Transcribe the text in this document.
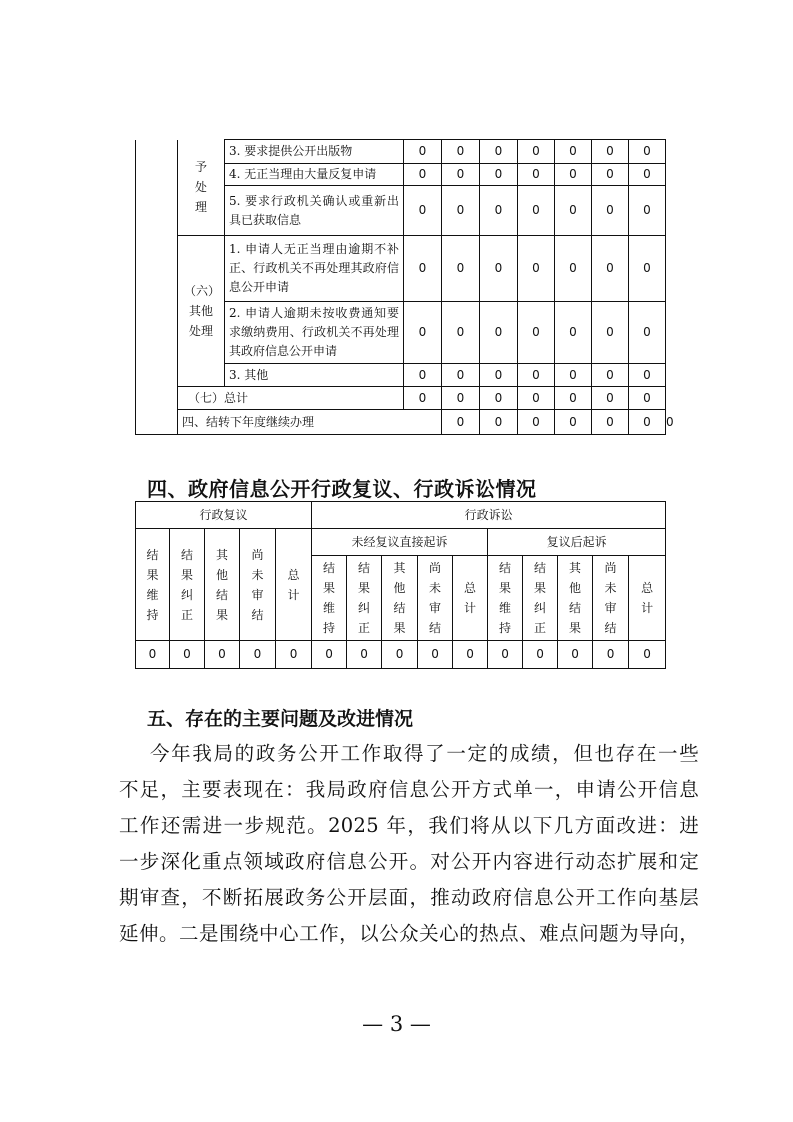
	予
处
理	3. 要求提供公开出版物	0	0	0	0	0	0	0	
		4. 无正当理由大量反复申请	0	0	0	0	0	0	0	
		5. 要求行政机关确认或重新出具已获取信息	0	0	0	0	0	0	0	
	（六）
其他
处理	1. 申请人无正当理由逾期不补正、行政机关不再处理其政府信息公开申请	0	0	0	0	0	0	0	
		2. 申请人逾期未按收费通知要求缴纳费用、行政机关不再处理其政府信息公开申请	0	0	0	0	0	0	0	
		3. 其他	0	0	0	0	0	0	0	
	（七）总计		0	0	0	0	0	0	0	
	四、结转下年度继续办理			0	0	0	0	0	0	0
四、政府信息公开行政复议、行政诉讼情况
行政复议					行政诉讼									
结
果
维
持	结
果
纠
正	其
他
结
果	尚
未
审
结	总
计	未经复议直接起诉					复议后起诉				
					结
果
维
持	结
果
纠
正	其
他
结
果	尚
未
审
结	总
计	结
果
维
持	结
果
纠
正	其
他
结
果	尚
未
审
结	总
计
0	0	0	0	0	0	0	0	0	0	0	0	0	0	0
五、存在的主要问题及改进情况
今年我局的政务公开工作取得了一定的成绩，但也存在一些
不足，主要表现在：我局政府信息公开方式单一，申请公开信息
工作还需进一步规范。2025 年，我们将从以下几方面改进：进
一步深化重点领域政府信息公开。对公开内容进行动态扩展和定
期审查，不断拓展政务公开层面，推动政府信息公开工作向基层
延伸。二是围绕中心工作，以公众关心的热点、难点问题为导向，
— 3 —
